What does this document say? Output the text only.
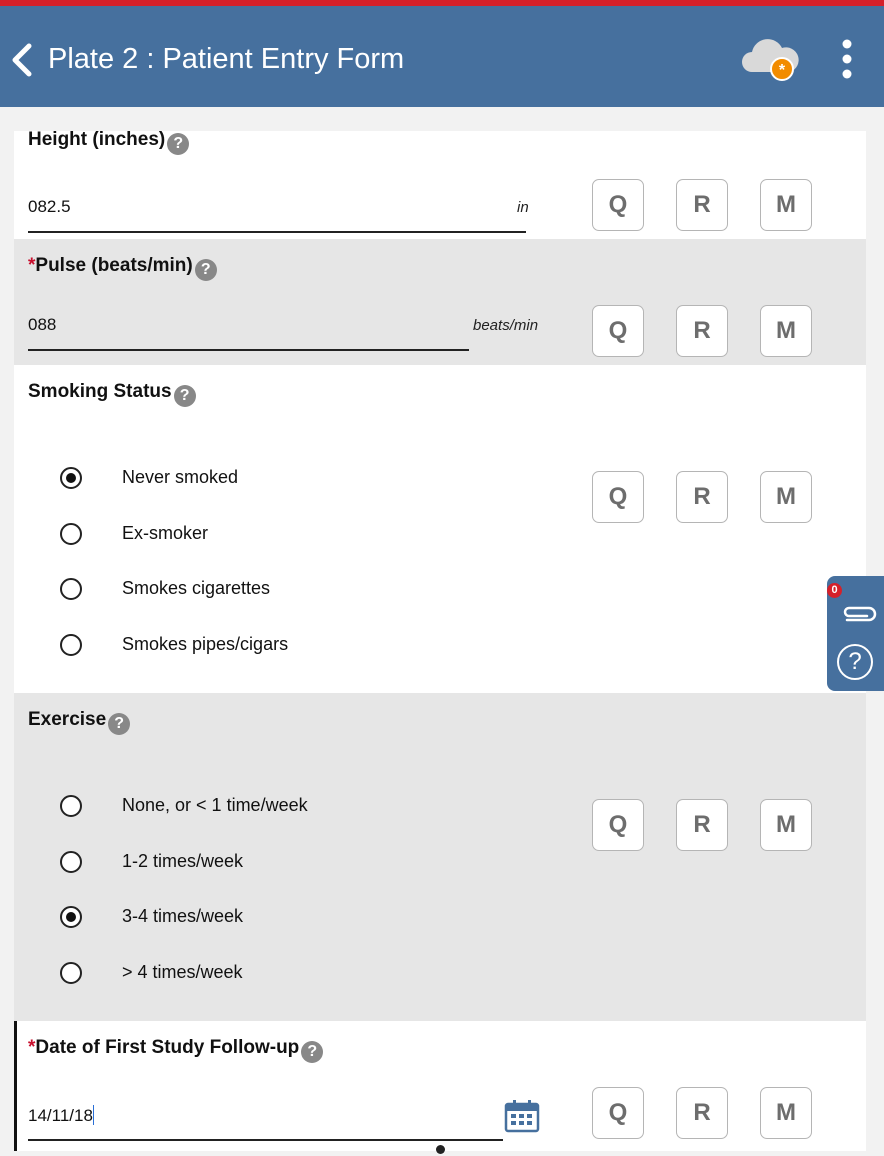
Plate 2 : Patient Entry Form	*
Height (inches) ?
082.5
in	Q	R	M
*Pulse (beats/min) ?
088
beats/min	Q	R	M
Smoking Status ?
Never smoked
Ex-smoker
Smokes cigarettes
Smokes pipes/cigars
Q	R	M
Exercise ?
None, or < 1 time/week
1-2 times/week
3-4 times/week
> 4 times/week
Q	R	M
*Date of First Study Follow-up ?
14/11/18	Q	R	M
0
?
